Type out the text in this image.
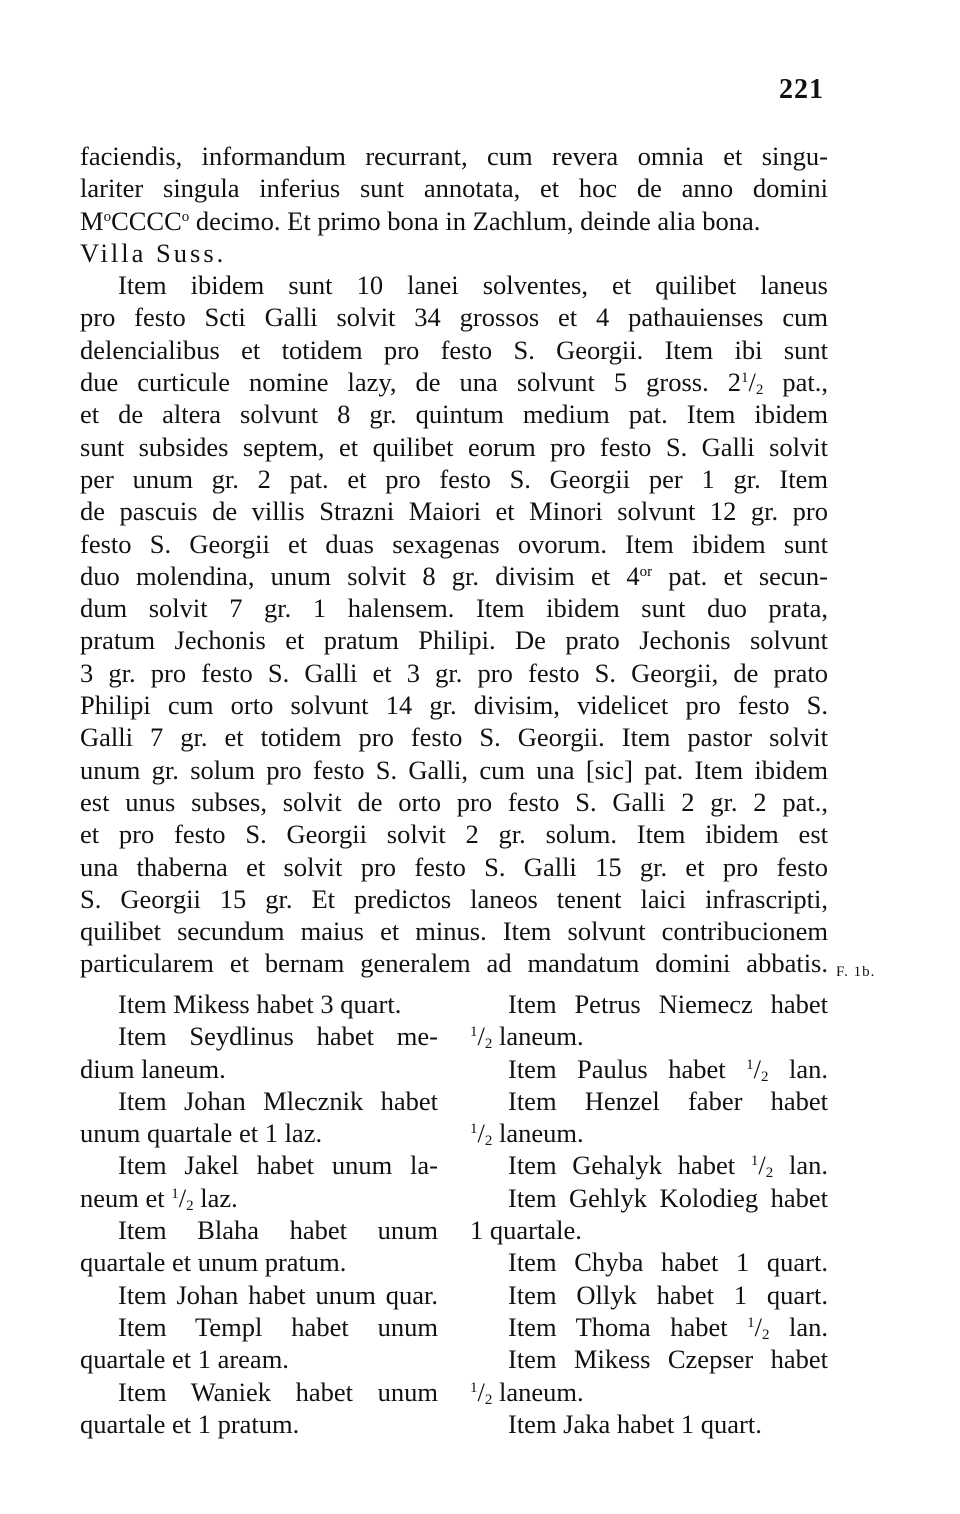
221
faciendis, informandum recurrant, cum revera omnia et singu-
lariter singula inferius sunt annotata, et hoc de anno domini
$M^oCCCC^o$ decimo. Et primo bona in Zachlum, deinde alia bona.
Villa Suss.
Item ibidem sunt 10 lanei solventes, et quilibet laneus
pro festo Scti Galli solvit 34 grossos et 4 pathauienses cum
delencialibus et totidem pro festo S. Georgii. Item ibi sunt
due curticule nomine lazy, de una solvunt 5 gross. $2^1/_2$ pat.,
et de altera solvunt 8 gr. quintum medium pat. Item ibidem
sunt subsides septem, et quilibet eorum pro festo S. Galli solvit
per unum gr. 2 pat. et pro festo S. Georgii per 1 gr. Item
de pascuis de villis Strazni Maiori et Minori solvunt 12 gr. pro
festo S. Georgii et duas sexagenas ovorum. Item ibidem sunt
duo molendina, unum solvit 8 gr. divisim et $4^{or}$ pat. et secun-
dum solvit 7 gr. 1 halensem. Item ibidem sunt duo prata,
pratum Jechonis et pratum Philipi. De prato Jechonis solvunt
3 gr. pro festo S. Galli et 3 gr. pro festo S. Georgii, de prato
Philipi cum orto solvunt 14 gr. divisim, videlicet pro festo S.
Galli 7 gr. et totidem pro festo S. Georgii. Item pastor solvit
unum gr. solum pro festo S. Galli, cum una [sic] pat. Item ibidem
est unus subses, solvit de orto pro festo S. Galli 2 gr. 2 pat.,
et pro festo S. Georgii solvit 2 gr. solum. Item ibidem est
una thaberna et solvit pro festo S. Galli 15 gr. et pro festo
S. Georgii 15 gr. Et predictos laneos tenent laici infrascripti,
quilibet secundum maius et minus. Item solvunt contribucionem
particularem et bernam generalem ad mandatum domini abbatis. F. 1b.
Item Mikess habet 3 quart.
Item Seydlinus habet me-
dium laneum.
Item Johan Mlecznik habet
unum quartale et 1 laz.
Item Jakel habet unum la-
neum et $^1/_2$ laz.
Item Blaha habet unum
quartale et unum pratum.
Item Johan habet unum quar.
Item Templ habet unum
quartale et 1 aream.
Item Waniek habet unum
quartale et 1 pratum.
Item Petrus Niemecz habet
$^1/_2$ laneum.
Item Paulus habet $^1/_2$ lan.
Item Henzel faber habet
$^1/_2$ laneum.
Item Gehalyk habet $^1/_2$ lan.
Item Gehlyk Kolodieg habet
1 quartale.
Item Chyba habet 1 quart.
Item Ollyk habet 1 quart.
Item Thoma habet $^1/_2$ lan.
Item Mikess Czepser habet
$^1/_2$ laneum.
Item Jaka habet 1 quart.
